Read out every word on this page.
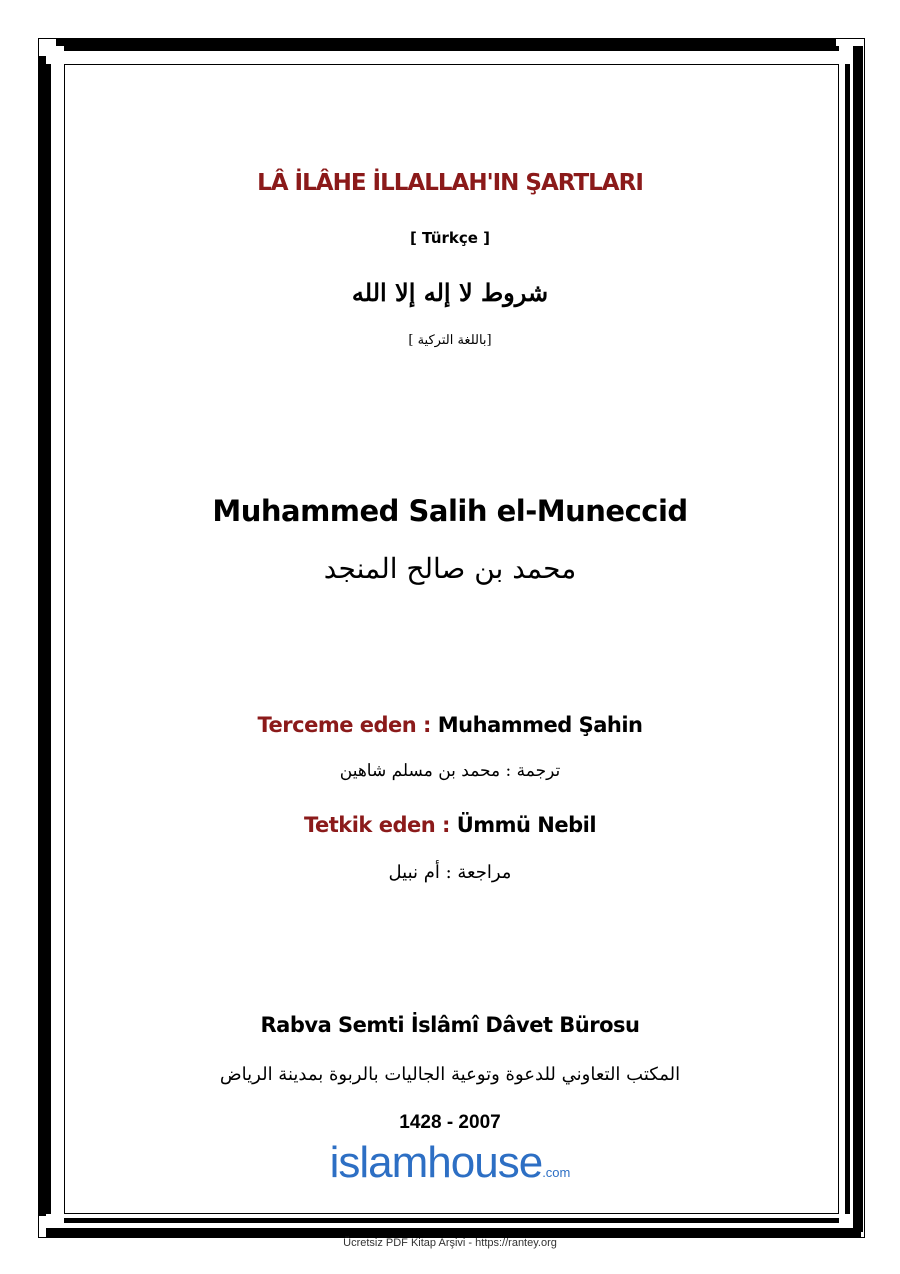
LÂ İLÂHE İLLALLAH'IN ŞARTLARI
[ Türkçe ]
شروط لا إله إلا الله
[باللغة التركية ]
Muhammed Salih el-Muneccid
محمد بن صالح المنجد
Terceme eden : Muhammed Şahin
ترجمة : محمد بن مسلم شاهين
Tetkik eden : Ümmü Nebil
مراجعة : أم نبيل
Rabva Semti İslâmî Dâvet Bürosu
المكتب التعاوني للدعوة وتوعية الجاليات بالربوة بمدينة الرياض
1428 - 2007
islamhouse.com
Ücretsiz PDF Kitap Arşivi - https://rantey.org
